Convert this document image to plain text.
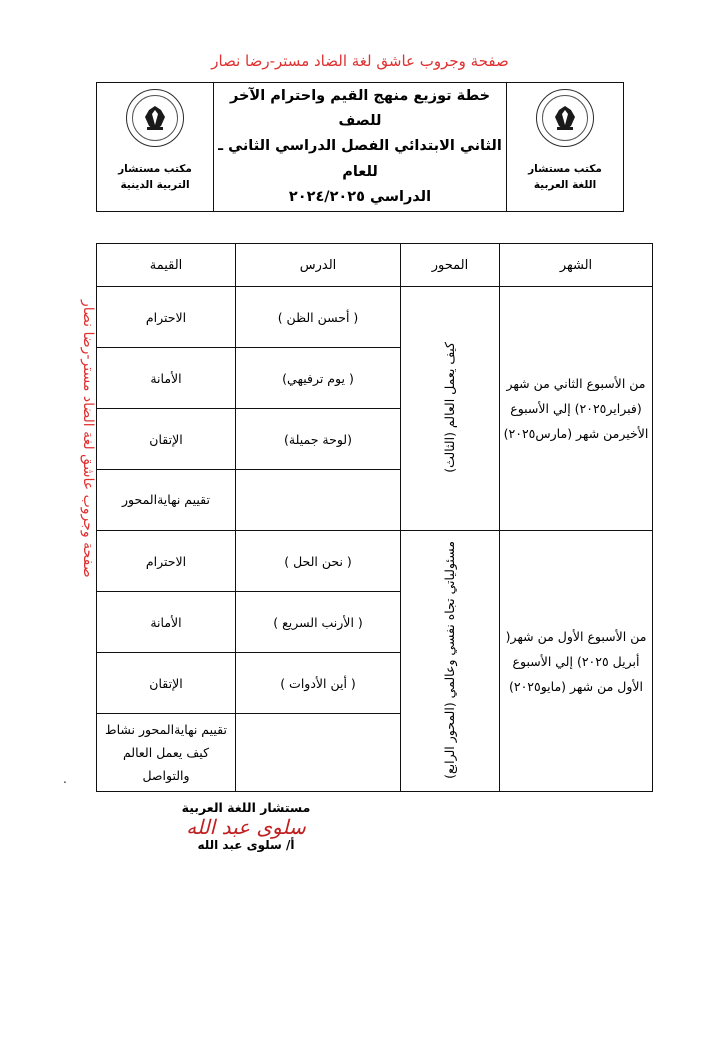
صفحة وجروب عاشق لغة الضاد مستر-رضا نصار
صفحة وجروب عاشق لغة الضاد مستر-رضا نصار
مكتب مستشار
اللغة العربية

خطة توزيع منهج القيم واحترام الآخر للصف
الثاني الابتدائي الفصل الدراسي الثاني ـ للعام
الدراسي ٢٠٢٤/٢٠٢٥

مكتب مستشار
التربية الدينية
الشهر	المحور	الدرس	القيمة
من الأسبوع الثاني من شهر (فبراير٢٠٢٥) إلي الأسبوع الأخيرمن شهر (مارس٢٠٢٥)	كيف يعمل العالم (الثالث)	( أحسن الظن )	الاحترام
		( يوم ترفيهي)	الأمانة
		(لوحة جميلة)	الإتقان
			تقييم نهايةالمحور
من الأسبوع الأول من شهر( أبريل ٢٠٢٥) إلي الأسبوع الأول من شهر (مايو٢٠٢٥)	مسئولياتي تجاه نفسي وعالمي (المحور الرابع)	( نحن الحل )	الاحترام
		( الأرنب السريع )	الأمانة
		( أين الأدوات )	الإتقان
			تقييم نهايةالمحور نشاط كيف يعمل العالم والتواصل
.
مستشار اللغة العربية
سلوى عبد الله
أ/ سلوى عبد الله
